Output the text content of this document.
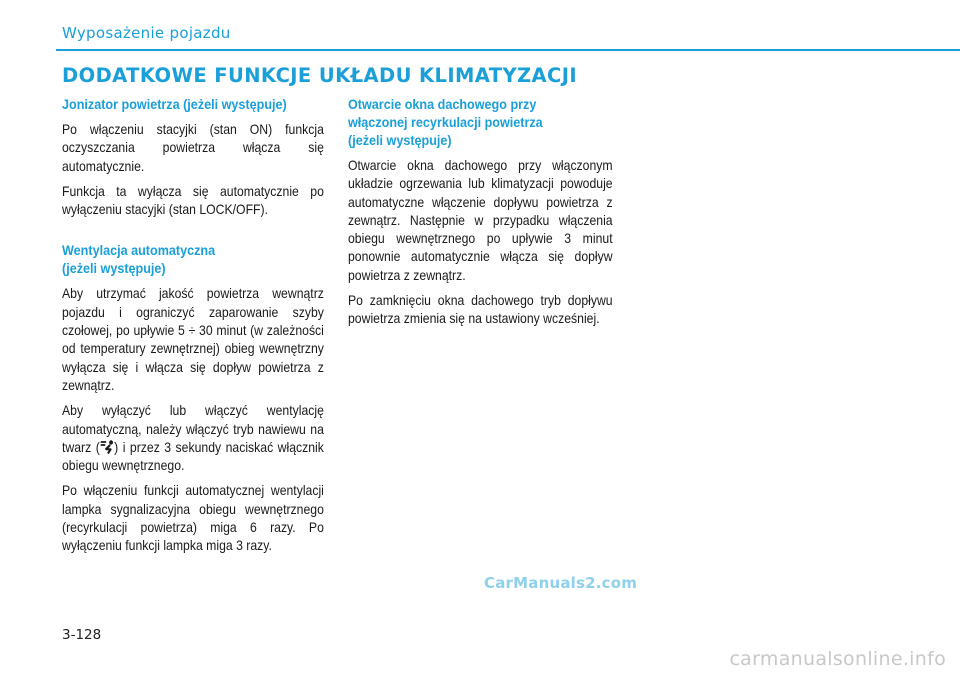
Wyposażenie pojazdu
DODATKOWE FUNKCJE UKŁADU KLIMATYZACJI
Jonizator powietrza (jeżeli występuje)

Po włączeniu stacyjki (stan ON) funkcja oczyszczania powietrza włącza się automatycznie.

Funkcja ta wyłącza się automatycznie po wyłączeniu stacyjki (stan LOCK/OFF).

Wentylacja automatyczna
(jeżeli występuje)

Aby utrzymać jakość powietrza wewnątrz pojazdu i ograniczyć zaparowanie szyby czołowej, po upływie 5 ÷ 30 minut (w zależności od temperatury zewnętrznej) obieg wewnętrzny wyłącza się i włącza się dopływ powietrza z zewnątrz.

Aby wyłączyć lub włączyć wentylację automatyczną, należy włączyć tryb nawiewu na twarz ( ) i przez 3 sekundy naciskać włącznik obiegu wewnętrznego.

Po włączeniu funkcji automatycznej wentylacji lampka sygnalizacyjna obiegu wewnętrznego (recyrkulacji powietrza) miga 6 razy. Po wyłączeniu funkcji lampka miga 3 razy.

Otwarcie okna dachowego przy
włączonej recyrkulacji powietrza
(jeżeli występuje)

Otwarcie okna dachowego przy włączonym układzie ogrzewania lub klimatyzacji powoduje automatyczne włączenie dopływu powietrza z zewnątrz. Następnie w przypadku włączenia obiegu wewnętrznego po upływie 3 minut ponownie automatycznie włącza się dopływ powietrza z zewnątrz.

Po zamknięciu okna dachowego tryb dopływu powietrza zmienia się na ustawiony wcześniej.

CarManuals2.com
3-128
carmanualsonline.info
